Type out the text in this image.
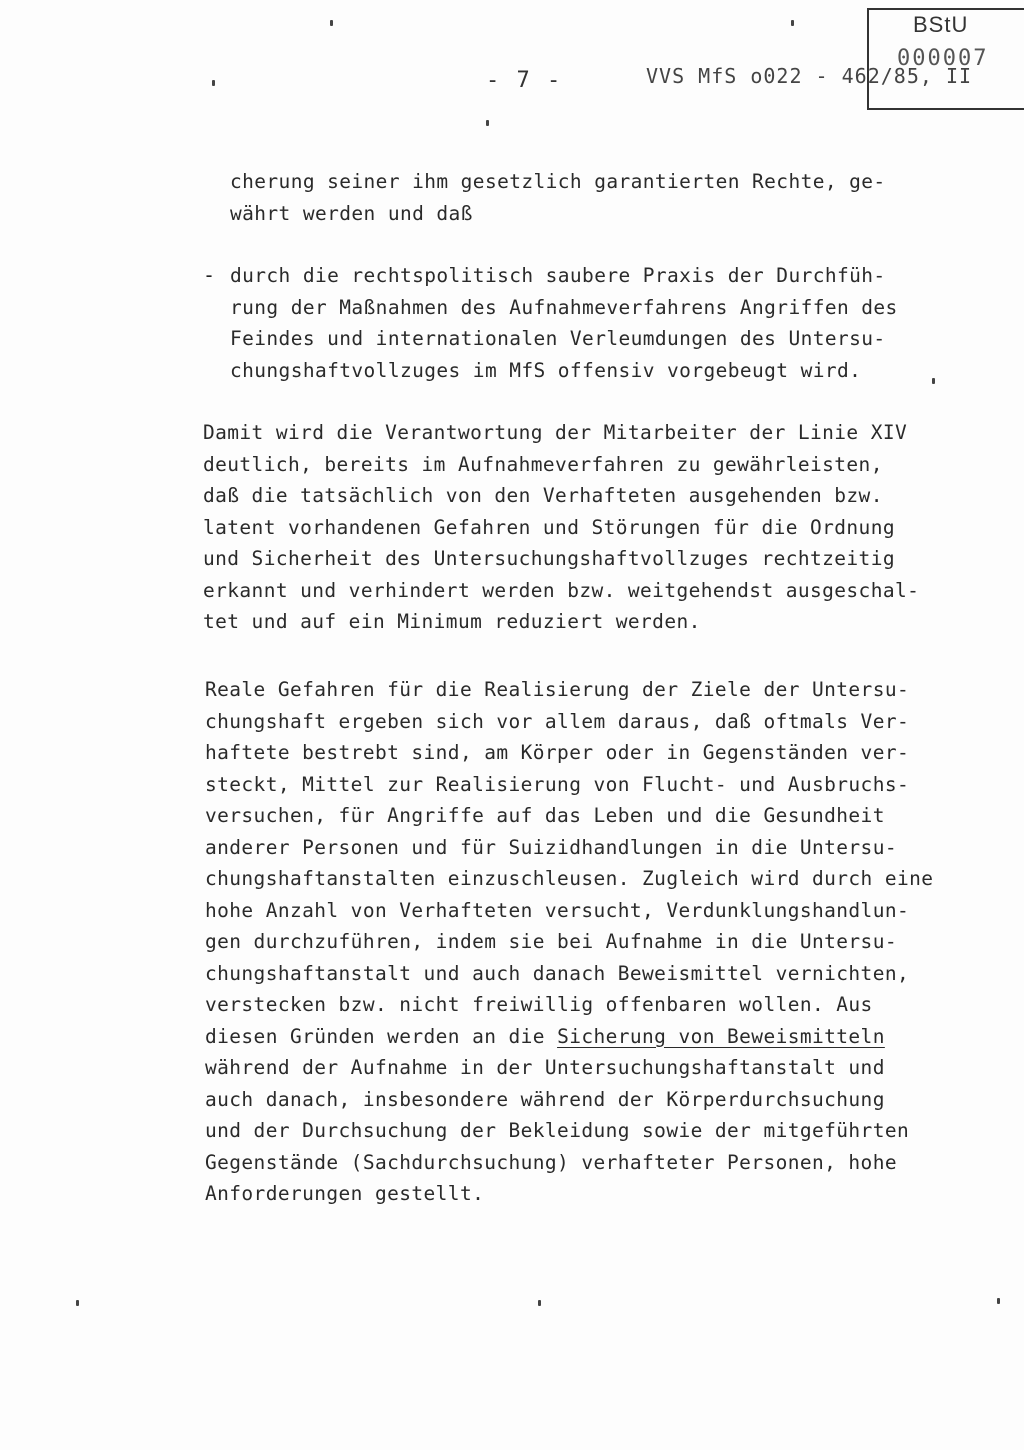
- 7 -	VVS MfS o022 - 462/85, II
BStU
000007
cherung seiner ihm gesetzlich garantierten Rechte, ge-
währt werden und daß
- durch die rechtspolitisch saubere Praxis der Durchfüh-
rung der Maßnahmen des Aufnahmeverfahrens Angriffen des
Feindes und internationalen Verleumdungen des Untersu-
chungshaftvollzuges im MfS offensiv vorgebeugt wird.
Damit wird die Verantwortung der Mitarbeiter der Linie XIV
deutlich, bereits im Aufnahmeverfahren zu gewährleisten,
daß die tatsächlich von den Verhafteten ausgehenden bzw.
latent vorhandenen Gefahren und Störungen für die Ordnung
und Sicherheit des Untersuchungshaftvollzuges rechtzeitig
erkannt und verhindert werden bzw. weitgehendst ausgeschal-
tet und auf ein Minimum reduziert werden.
Reale Gefahren für die Realisierung der Ziele der Untersu-
chungshaft ergeben sich vor allem daraus, daß oftmals Ver-
haftete bestrebt sind, am Körper oder in Gegenständen ver-
steckt, Mittel zur Realisierung von Flucht- und Ausbruchs-
versuchen, für Angriffe auf das Leben und die Gesundheit
anderer Personen und für Suizidhandlungen in die Untersu-
chungshaftanstalten einzuschleusen. Zugleich wird durch eine
hohe Anzahl von Verhafteten versucht, Verdunklungshandlun-
gen durchzuführen, indem sie bei Aufnahme in die Untersu-
chungshaftanstalt und auch danach Beweismittel vernichten,
verstecken bzw. nicht freiwillig offenbaren wollen. Aus
diesen Gründen werden an die Sicherung von Beweismitteln
während der Aufnahme in der Untersuchungshaftanstalt und
auch danach, insbesondere während der Körperdurchsuchung
und der Durchsuchung der Bekleidung sowie der mitgeführten
Gegenstände (Sachdurchsuchung) verhafteter Personen, hohe
Anforderungen gestellt.
